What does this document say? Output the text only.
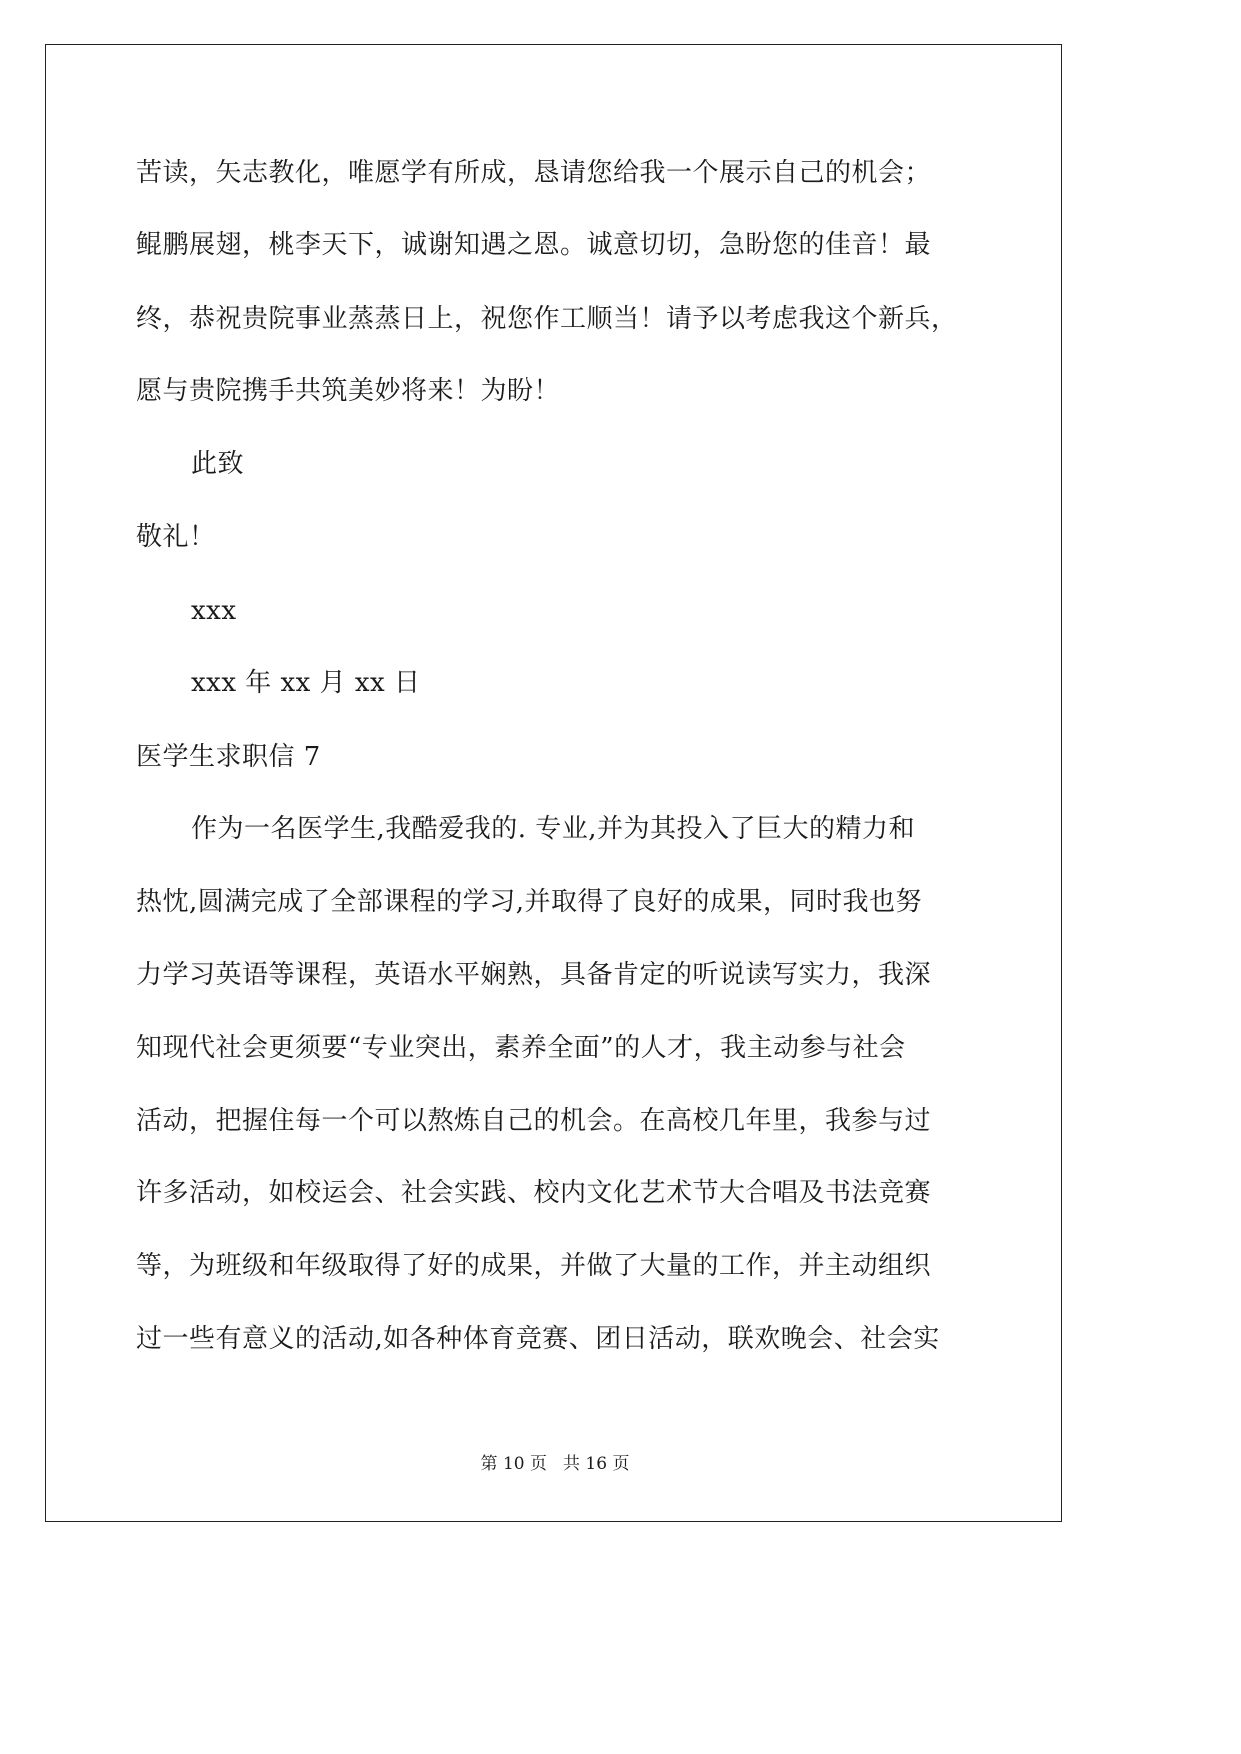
苦读，矢志教化，唯愿学有所成，恳请您给我一个展示自己的机会；
鲲鹏展翅，桃李天下，诚谢知遇之恩。诚意切切，急盼您的佳音！最
终，恭祝贵院事业蒸蒸日上，祝您作工顺当！请予以考虑我这个新兵，
愿与贵院携手共筑美妙将来！为盼！
此致
敬礼！
xxx
xxx 年 xx 月 xx 日
医学生求职信 7
作为一名医学生,我酷爱我的. 专业,并为其投入了巨大的精力和
热忱,圆满完成了全部课程的学习,并取得了良好的成果，同时我也努
力学习英语等课程，英语水平娴熟，具备肯定的听说读写实力，我深
知现代社会更须要“专业突出，素养全面”的人才，我主动参与社会
活动，把握住每一个可以熬炼自己的机会。在高校几年里，我参与过
许多活动，如校运会、社会实践、校内文化艺术节大合唱及书法竞赛
等，为班级和年级取得了好的成果，并做了大量的工作，并主动组织
过一些有意义的活动,如各种体育竞赛、团日活动，联欢晚会、社会实
第 10 页 共 16 页
